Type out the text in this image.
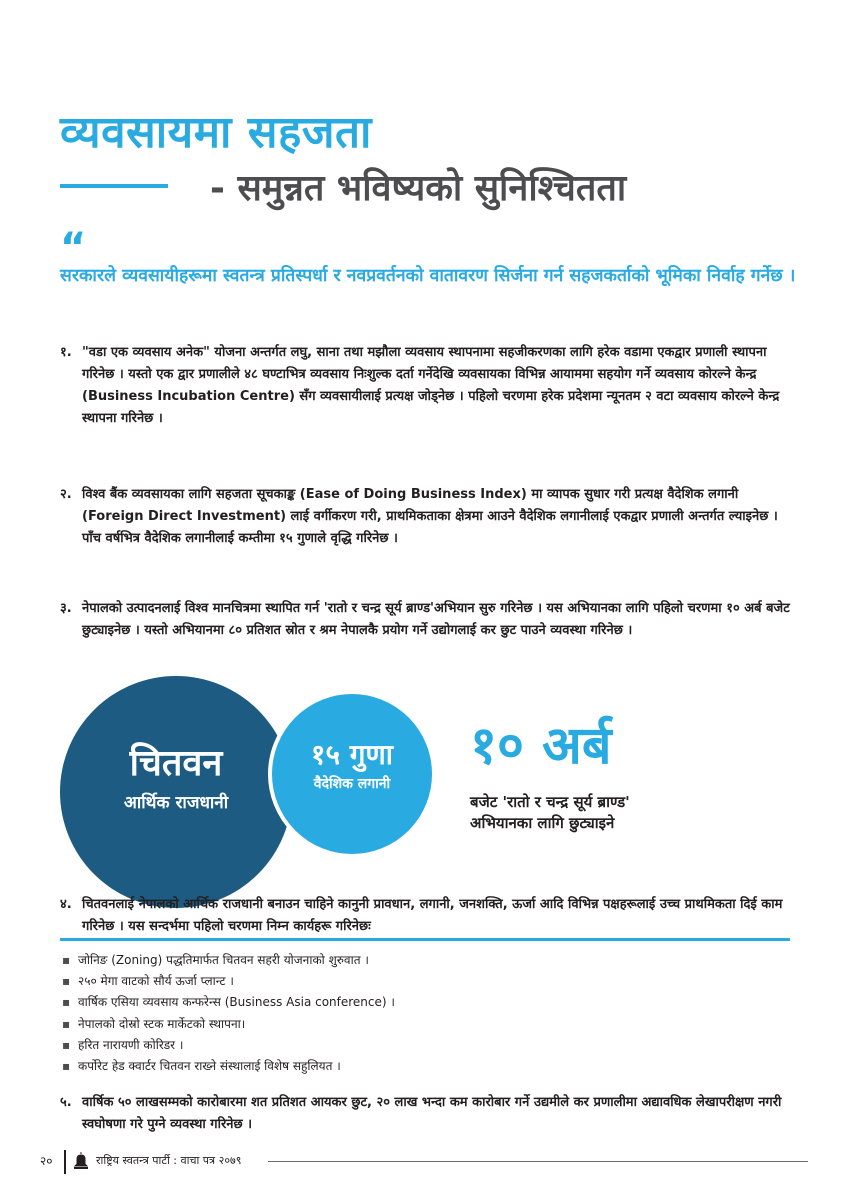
व्यवसायमा सहजता
- समुन्नत भविष्यको सुनिश्चितता
“

सरकारले व्यवसायीहरूमा स्वतन्त्र प्रतिस्पर्धा र नवप्रवर्तनको वातावरण सिर्जना गर्न सहजकर्ताको भूमिका निर्वाह गर्नेछ ।

१. "वडा एक व्यवसाय अनेक" योजना अन्तर्गत लघु, साना तथा मझौला व्यवसाय स्थापनामा सहजीकरणका लागि हरेक वडामा एकद्वार प्रणाली स्थापना गरिनेछ । यस्तो एक द्वार प्रणालीले ४८ घण्टाभित्र व्यवसाय निःशुल्क दर्ता गर्नेदेखि व्यवसायका विभिन्न आयाममा सहयोग गर्ने व्यवसाय कोरल्ने केन्द्र (Business Incubation Centre) सँग व्यवसायीलाई प्रत्यक्ष जोड्नेछ । पहिलो चरणमा हरेक प्रदेशमा न्यूनतम २ वटा व्यवसाय कोरल्ने केन्द्र स्थापना गरिनेछ ।
२. विश्व बैंक व्यवसायका लागि सहजता सूचकाङ्क (Ease of Doing Business Index) मा व्यापक सुधार गरी प्रत्यक्ष वैदेशिक लगानी (Foreign Direct Investment) लाई वर्गीकरण गरी, प्राथमिकताका क्षेत्रमा आउने वैदेशिक लगानीलाई एकद्वार प्रणाली अन्तर्गत ल्याइनेछ । पाँच वर्षभित्र वैदेशिक लगानीलाई कम्तीमा १५ गुणाले वृद्धि गरिनेछ ।
३. नेपालको उत्पादनलाई विश्व मानचित्रमा स्थापित गर्न 'रातो र चन्द्र सूर्य ब्राण्ड'अभियान सुरु गरिनेछ । यस अभियानका लागि पहिलो चरणमा १० अर्ब बजेट छुट्याइनेछ । यस्तो अभियानमा ८० प्रतिशत स्रोत र श्रम नेपालकै प्रयोग गर्ने उद्योगलाई कर छुट पाउने व्यवस्था गरिनेछ ।
चितवन
आर्थिक राजधानी
१५ गुणा
वैदेशिक लगानी
१० अर्ब
बजेट 'रातो र चन्द्र सूर्य ब्राण्ड'
अभियानका लागि छुट्याइने
४. चितवनलाई नेपालको आर्थिक राजधानी बनाउन चाहिने कानुनी प्रावधान, लगानी, जनशक्ति, ऊर्जा आदि विभिन्न पक्षहरूलाई उच्च प्राथमिकता दिई काम गरिनेछ । यस सन्दर्भमा पहिलो चरणमा निम्न कार्यहरू गरिनेछः
▪ जोनिङ (Zoning) पद्धतिमार्फत चितवन सहरी योजनाको शुरुवात ।
▪ २५० मेगा वाटको सौर्य ऊर्जा प्लान्ट ।
▪ वार्षिक एसिया व्यवसाय कन्फरेन्स (Business Asia conference) ।
▪ नेपालको दोस्रो स्टक मार्केटको स्थापना।
▪ हरित नारायणी कोरिडर ।
▪ कर्पोरेट हेड क्वार्टर चितवन राख्ने संस्थालाई विशेष सहुलियत ।
५. वार्षिक ५० लाखसम्मको कारोबारमा शत प्रतिशत आयकर छुट, २० लाख भन्दा कम कारोबार गर्ने उद्यमीले कर प्रणालीमा अद्यावधिक लेखापरीक्षण नगरी स्वघोषणा गरे पुग्ने व्यवस्था गरिनेछ ।
२०	राष्ट्रिय स्वतन्त्र पार्टी : वाचा पत्र २०७९
